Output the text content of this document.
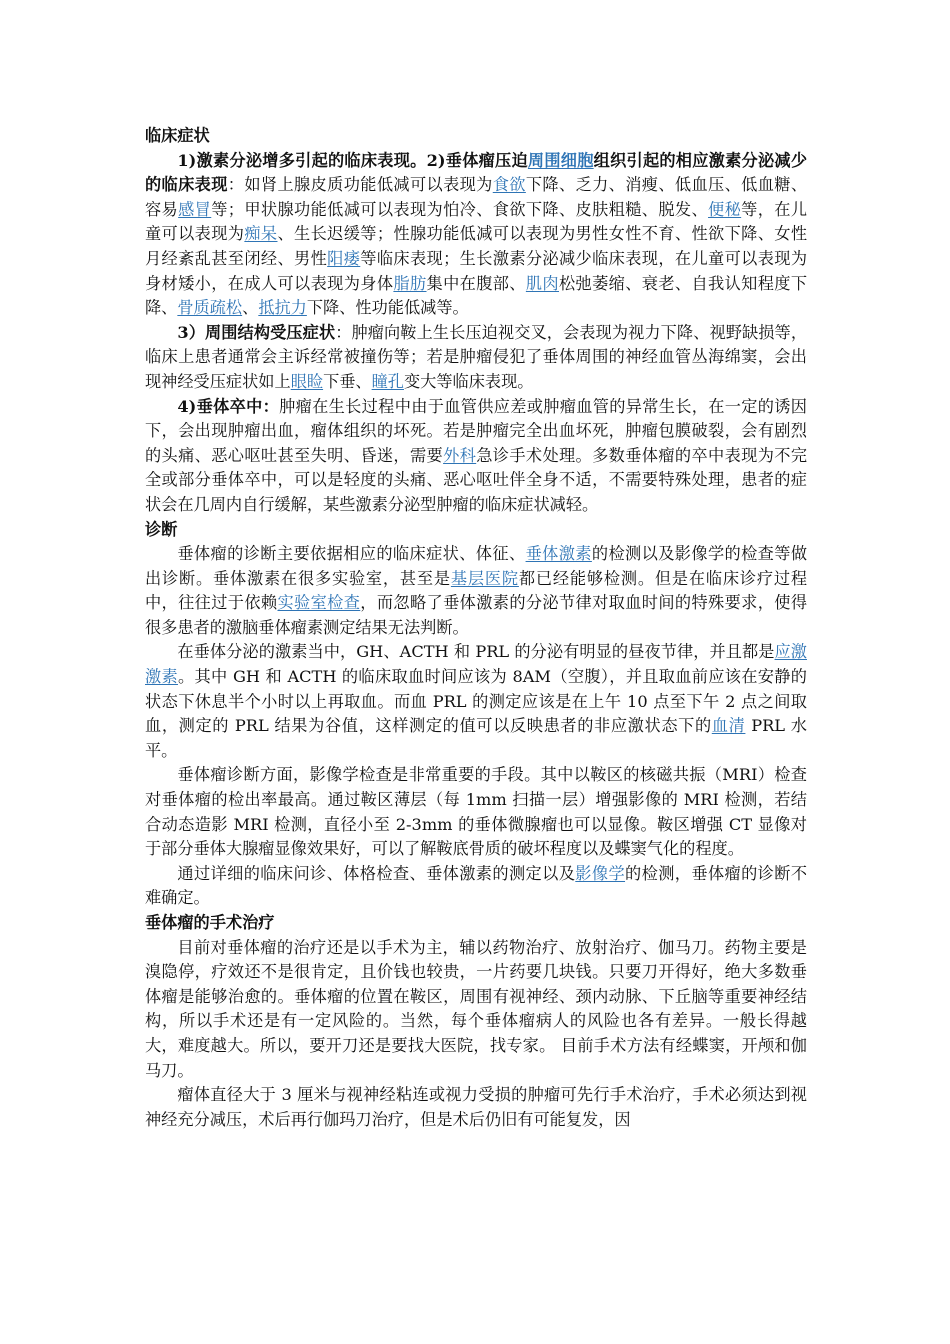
临床症状

1)激素分泌增多引起的临床表现。2)垂体瘤压迫周围细胞组织引起的相应激素分泌减少的临床表现：如肾上腺皮质功能低减可以表现为食欲下降、乏力、消瘦、低血压、低血糖、容易感冒等；甲状腺功能低减可以表现为怕冷、食欲下降、皮肤粗糙、脱发、便秘等，在儿童可以表现为痴呆、生长迟缓等；性腺功能低减可以表现为男性女性不育、性欲下降、女性月经紊乱甚至闭经、男性阳痿等临床表现；生长激素分泌减少临床表现，在儿童可以表现为身材矮小，在成人可以表现为身体脂肪集中在腹部、肌肉松弛萎缩、衰老、自我认知程度下降、骨质疏松、抵抗力下降、性功能低减等。

3）周围结构受压症状：肿瘤向鞍上生长压迫视交叉，会表现为视力下降、视野缺损等，临床上患者通常会主诉经常被撞伤等；若是肿瘤侵犯了垂体周围的神经血管丛海绵窦，会出现神经受压症状如上眼睑下垂、瞳孔变大等临床表现。

4)垂体卒中：肿瘤在生长过程中由于血管供应差或肿瘤血管的异常生长，在一定的诱因下，会出现肿瘤出血，瘤体组织的坏死。若是肿瘤完全出血坏死，肿瘤包膜破裂，会有剧烈的头痛、恶心呕吐甚至失明、昏迷，需要外科急诊手术处理。多数垂体瘤的卒中表现为不完全或部分垂体卒中，可以是轻度的头痛、恶心呕吐伴全身不适，不需要特殊处理，患者的症状会在几周内自行缓解，某些激素分泌型肿瘤的临床症状减轻。

诊断

垂体瘤的诊断主要依据相应的临床症状、体征、垂体激素的检测以及影像学的检查等做出诊断。垂体激素在很多实验室，甚至是基层医院都已经能够检测。但是在临床诊疗过程中，往往过于依赖实验室检查，而忽略了垂体激素的分泌节律对取血时间的特殊要求，使得很多患者的激脑垂体瘤素测定结果无法判断。

在垂体分泌的激素当中，GH、ACTH 和 PRL 的分泌有明显的昼夜节律，并且都是应激激素。其中 GH 和 ACTH 的临床取血时间应该为 8AM（空腹），并且取血前应该在安静的状态下休息半个小时以上再取血。而血 PRL 的测定应该是在上午 10 点至下午 2 点之间取血，测定的 PRL 结果为谷值，这样测定的值可以反映患者的非应激状态下的血清 PRL 水平。

垂体瘤诊断方面，影像学检查是非常重要的手段。其中以鞍区的核磁共振（MRI）检查对垂体瘤的检出率最高。通过鞍区薄层（每 1mm 扫描一层）增强影像的 MRI 检测，若结合动态造影 MRI 检测，直径小至 2-3mm 的垂体微腺瘤也可以显像。鞍区增强 CT 显像对于部分垂体大腺瘤显像效果好，可以了解鞍底骨质的破坏程度以及蝶窦气化的程度。

通过详细的临床问诊、体格检查、垂体激素的测定以及影像学的检测，垂体瘤的诊断不难确定。

垂体瘤的手术治疗

目前对垂体瘤的治疗还是以手术为主，辅以药物治疗、放射治疗、伽马刀。药物主要是溴隐停，疗效还不是很肯定，且价钱也较贵，一片药要几块钱。只要刀开得好，绝大多数垂体瘤是能够治愈的。垂体瘤的位置在鞍区，周围有视神经、颈内动脉、下丘脑等重要神经结构，所以手术还是有一定风险的。当然，每个垂体瘤病人的风险也各有差异。一般长得越大，难度越大。所以，要开刀还是要找大医院，找专家。 目前手术方法有经蝶窦，开颅和伽马刀。

瘤体直径大于 3 厘米与视神经粘连或视力受损的肿瘤可先行手术治疗，手术必须达到视神经充分减压，术后再行伽玛刀治疗，但是术后仍旧有可能复发，因
